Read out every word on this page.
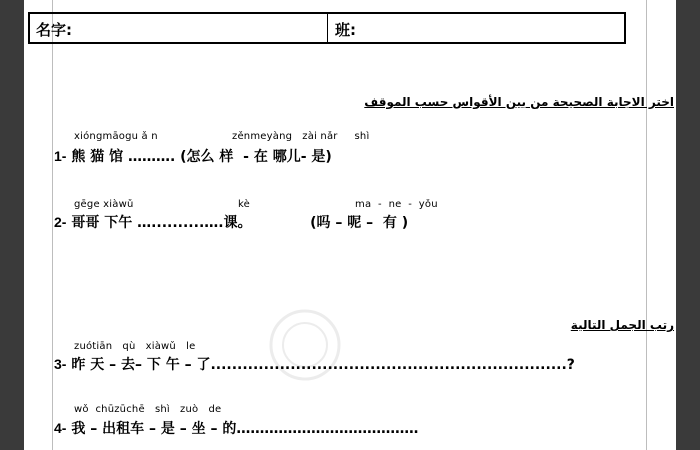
名字:	班:
اختر الاجابة الصحيحة من بين الأقواس حسب الموقف
xióngmāogu ǎ n	zěnmeyàng   zài nǎr     shì
1- 熊 猫 馆 ………. (怎么 样  - 在 哪儿- 是)
gēge xiàwǔ	kè	ma  -  ne  -  yǒu
2- 哥哥 下午 …..........….课。            (吗 – 呢 –  有 )
رتب الجمل التالية
zuótiān   qù   xiàwǔ   le
3- 昨 天 – 去– 下 午 – 了...................................................................?
wǒ  chūzūchē   shì   zuò   de
4- 我 – 出租车 – 是 – 坐 – 的…………………………………
